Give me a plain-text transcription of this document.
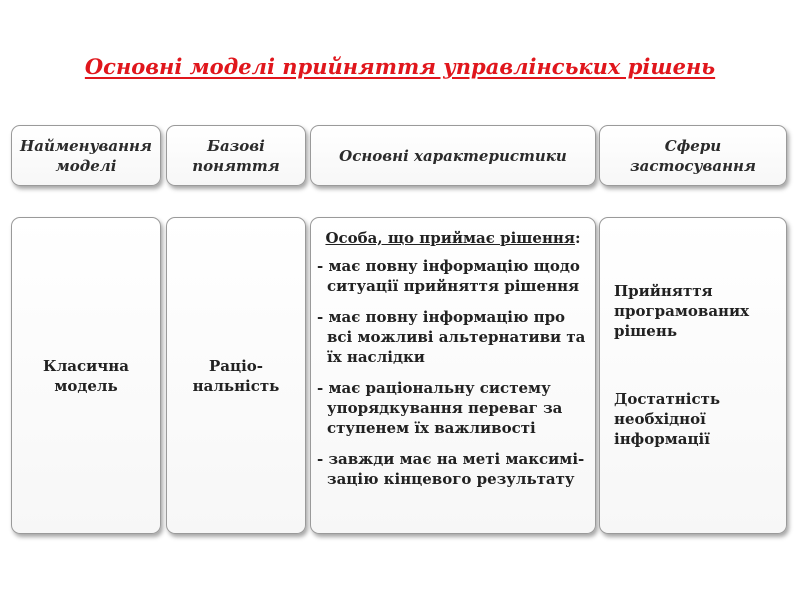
Основні моделі прийняття управлінських рішень
Найменування моделі
Базові поняття
Основні характеристики
Сфери застосування
Класична модель
Раціо-нальність
Особа, що приймає рішення:
- має повну інформацію щодо ситуації прийняття рішення
- має повну інформацію про всі можливі альтернативи та їх наслідки
- має раціональну систему упорядкування переваг за ступенем їх важливості
- завжди має на меті максимі-зацію кінцевого результату

Прийняття програмованих рішень

Достатність необхідної інформації
